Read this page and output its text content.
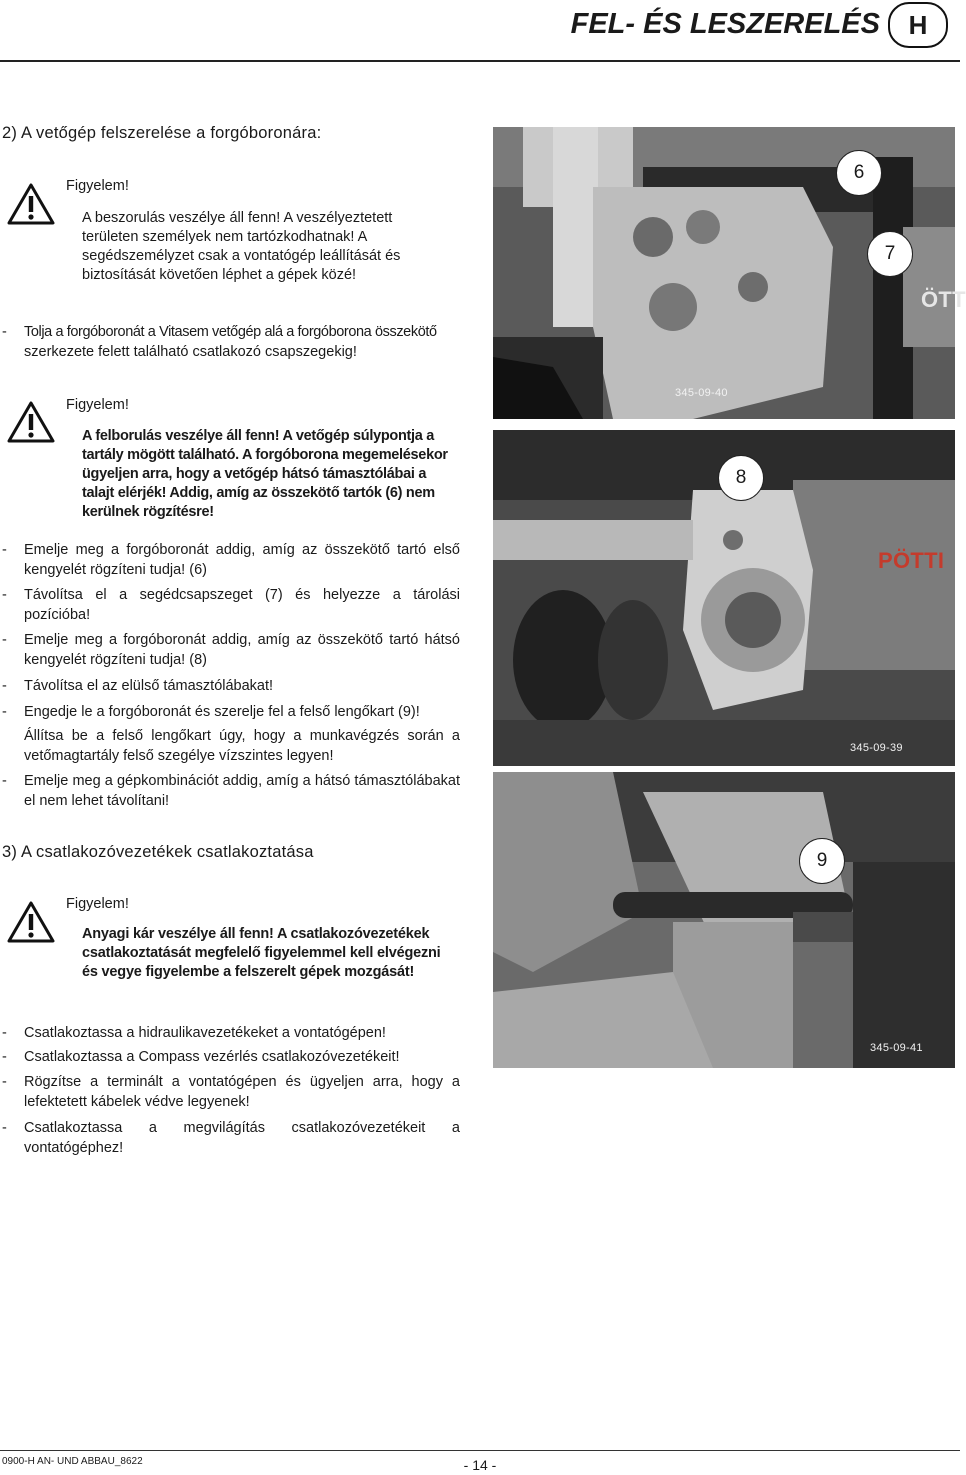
FEL- ÉS LESZERELÉS	H
2) A vetőgép felszerelése a forgóboronára:
Figyelem!
A beszorulás veszélye áll fenn! A veszélyeztetett
területen személyek nem tartózkodhatnak! A
segédszemélyzet csak a vontatógép leállítását és
biztosítását követően léphet a gépek közé!
- Tolja a forgóboronát a Vitasem vetőgép alá a forgóborona összekötő
szerkezete felett található csatlakozó csapszegekig!
Figyelem!
A felborulás veszélye áll fenn! A vetőgép súlypontja a
tartály mögött található. A forgóborona megemelésekor
ügyeljen arra, hogy a vetőgép hátsó támasztólábai a
talajt elérjék! Addig, amíg az összekötő tartók (6) nem
kerülnek rögzítésre!
- Emelje meg a forgóboronát addig, amíg az összekötő tartó első kengyelét rögzíteni tudja! (6)
- Távolítsa el a segédcsapszeget (7) és helyezze a tárolási pozícióba!
- Emelje meg a forgóboronát addig, amíg az összekötő tartó hátsó kengyelét rögzíteni tudja! (8)
- Távolítsa el az elülső támasztólábakat!
- Engedje le a forgóboronát és szerelje fel a felső lengőkart (9)!
Állítsa be a felső lengőkart úgy, hogy a munkavégzés során a vetőmagtartály felső szegélye vízszintes legyen!
- Emelje meg a gépkombinációt addig, amíg a hátsó támasztólábakat el nem lehet távolítani!
3) A csatlakozóvezetékek csatlakoztatása
Figyelem!
Anyagi kár veszélye áll fenn! A csatlakozóvezetékek
csatlakoztatását megfelelő figyelemmel kell elvégezni
és vegye figyelembe a felszerelt gépek mozgását!
- Csatlakoztassa a hidraulikavezetékeket a vontatógépen!
- Csatlakoztassa a Compass vezérlés csatlakozóvezetékeit!
- Rögzítse a terminált a vontatógépen és ügyeljen arra, hogy a lefektetett kábelek védve legyenek!
- Csatlakoztassa a megvilágítás csatlakozóvezetékeit a vontatógéphez!
6
7
345-09-40
ÖTT
8
345-09-39
PÖTTI
9
345-09-41
0900-H AN- UND ABBAU_8622	- 14 -
